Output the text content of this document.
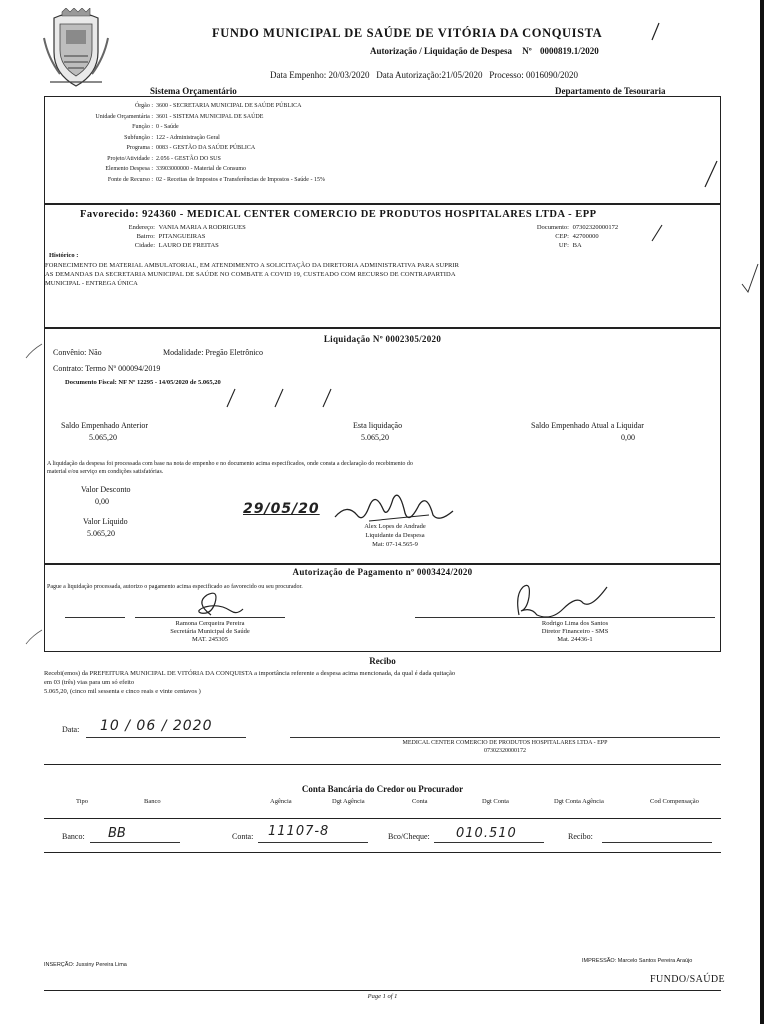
FUNDO MUNICIPAL DE SAÚDE DE VITÓRIA DA CONQUISTA
Autorização / Liquidação de Despesa Nº 0000819.1/2020
Data Empenho: 20/03/2020   Data Autorização:21/05/2020   Processo: 0016090/2020
Sistema Orçamentário	Departamento de Tesouraria
Órgão : 3600 - SECRETARIA MUNICIPAL DE SAÚDE PÚBLICA
Unidade Orçamentária : 3601 - SISTEMA MUNICIPAL DE SAÚDE
Função : 0 - Saúde
Subfunção : 122 - Administração Geral
Programa : 0083 - GESTÃO DA SAÚDE PÚBLICA
Projeto/Atividade : 2.056 - GESTÃO DO SUS
Elemento Despesa : 33903000000 - Material de Consumo
Fonte de Recurso : 02 - Receitas de Impostos e Transferências de Impostos - Saúde - 15%
Favorecido: 924360 - MEDICAL CENTER COMERCIO DE PRODUTOS HOSPITALARES LTDA - EPP
Endereço: VANIA MARIA A RODRIGUES
Bairro: PITANGUEIRAS
Cidade: LAURO DE FREITAS
Documento: 07302320000172
CEP: 42700000
UF: BA
Histórico :
FORNECIMENTO DE MATERIAL AMBULATORIAL, EM ATENDIMENTO A SOLICITAÇÃO DA DIRETORIA ADMINISTRATIVA PARA SUPRIR
AS DEMANDAS DA SECRETARIA MUNICIPAL DE SAÚDE NO COMBATE A COVID 19, CUSTEADO COM RECURSO DE CONTRAPARTIDA
MUNICIPAL - ENTREGA ÚNICA
Liquidação Nº 0002305/2020
Convênio: Não	Modalidade: Pregão Eletrônico
Contrato: Termo Nº 000094/2019
Documento Fiscal: NF Nº 12295 - 14/05/2020 de 5.065,20
Saldo Empenhado Anterior
5.065,20
Esta liquidação
5.065,20
Saldo Empenhado Atual a Liquidar
0,00
A liquidação da despesa foi processada com base na nota de empenho e no documento acima especificados, onde consta a declaração do recebimento do
material e/ou serviço em condições satisfatórias.
Valor Desconto
0,00
Valor Líquido
5.065,20
29/05/20
Alex Lopes de Andrade
Liquidante da Despesa
Mat: 07-14.565-9
Autorização de Pagamento nº 0003424/2020
Pague a liquidação processada, autorizo o pagamento acima especificado ao favorecido ou seu procurador.
Ramona Cerqueira Pereira
Secretária Municipal de Saúde
MAT. 245305
Rodrigo Lima dos Santos
Diretor Financeiro - SMS
Mat. 24436-1
Recibo
Recebi(emos) da PREFEITURA MUNICIPAL DE VITÓRIA DA CONQUISTA a importância referente a despesa acima mencionada, da qual é dada quitação
em 03 (três) vias para um só efeito
5.065,20, (cinco mil sessenta e cinco reais e vinte centavos )
Data: 10 / 06 / 2020
MEDICAL CENTER COMERCIO DE PRODUTOS HOSPITALARES LTDA - EPP
07302320000172
Conta Bancária do Credor ou Procurador
Tipo	Banco	Agência	Dgt Agência	Conta	Dgt Conta	Dgt Conta Agência	Cod Compensação
Banco: BB	Conta: 11107-8	Bco/Cheque: 010.510	Recibo:
INSERÇÃO: Jussiny Pereira Lima
IMPRESSÃO: Marcelo Santos Pereira Araújo
FUNDO/SAÚDE
Page 1 of 1
